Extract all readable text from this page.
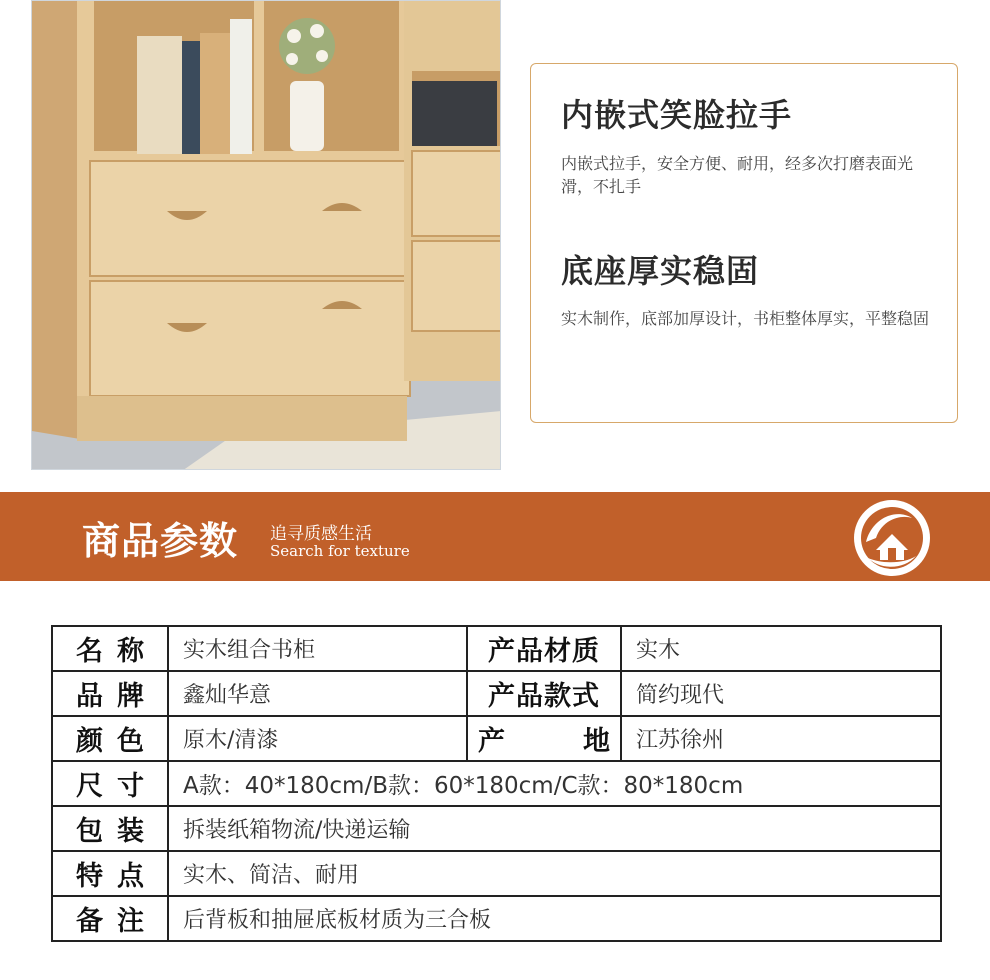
内嵌式笑脸拉手
内嵌式拉手，安全方便、耐用，经多次打磨表面光滑，不扎手
底座厚实稳固
实木制作，底部加厚设计，书柜整体厚实，平整稳固
商品参数 追寻质感生活
Search for texture
名称	实木组合书柜	产品材质	实木
品牌	鑫灿华意	产品款式	简约现代
颜色	原木/清漆	产 地	江苏徐州
尺寸	A款：40*180cm/B款：60*180cm/C款：80*180cm		
包装	拆装纸箱物流/快递运输		
特点	实木、简洁、耐用		
备注	后背板和抽屉底板材质为三合板		
